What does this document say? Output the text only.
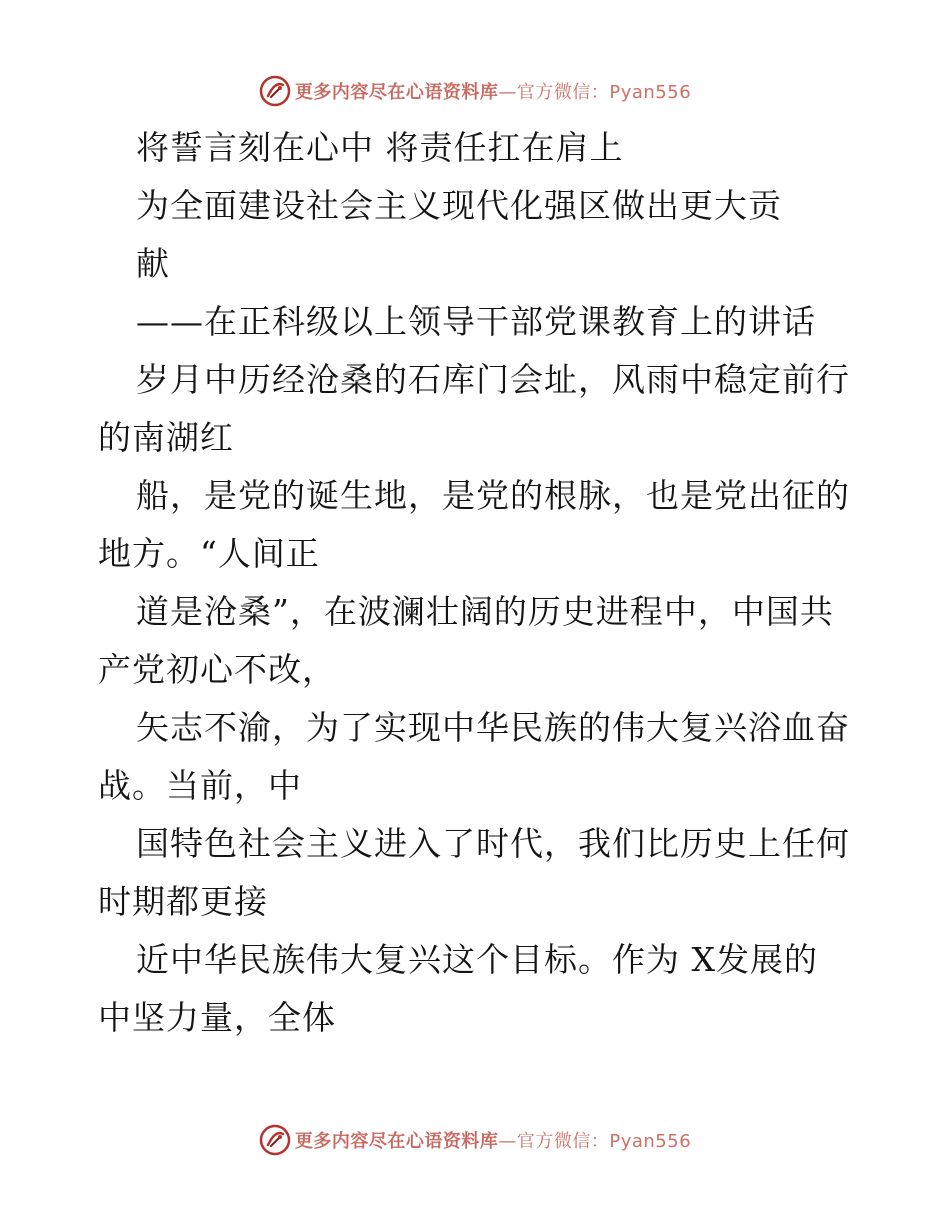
更多内容尽在心语资料库—官方微信：Pyan556
将誓言刻在心中 将责任扛在肩上
为全面建设社会主义现代化强区做出更大贡
献
——在正科级以上领导干部党课教育上的讲话
岁月中历经沧桑的石库门会址，风雨中稳定前行
的南湖红
船，是党的诞生地，是党的根脉，也是党出征的
地方。“人间正
道是沧桑”，在波澜壮阔的历史进程中，中国共
产党初心不改，
矢志不渝，为了实现中华民族的伟大复兴浴血奋
战。当前，中
国特色社会主义进入了时代，我们比历史上任何
时期都更接
近中华民族伟大复兴这个目标。作为 X发展的
中坚力量，全体
更多内容尽在心语资料库—官方微信：Pyan556
